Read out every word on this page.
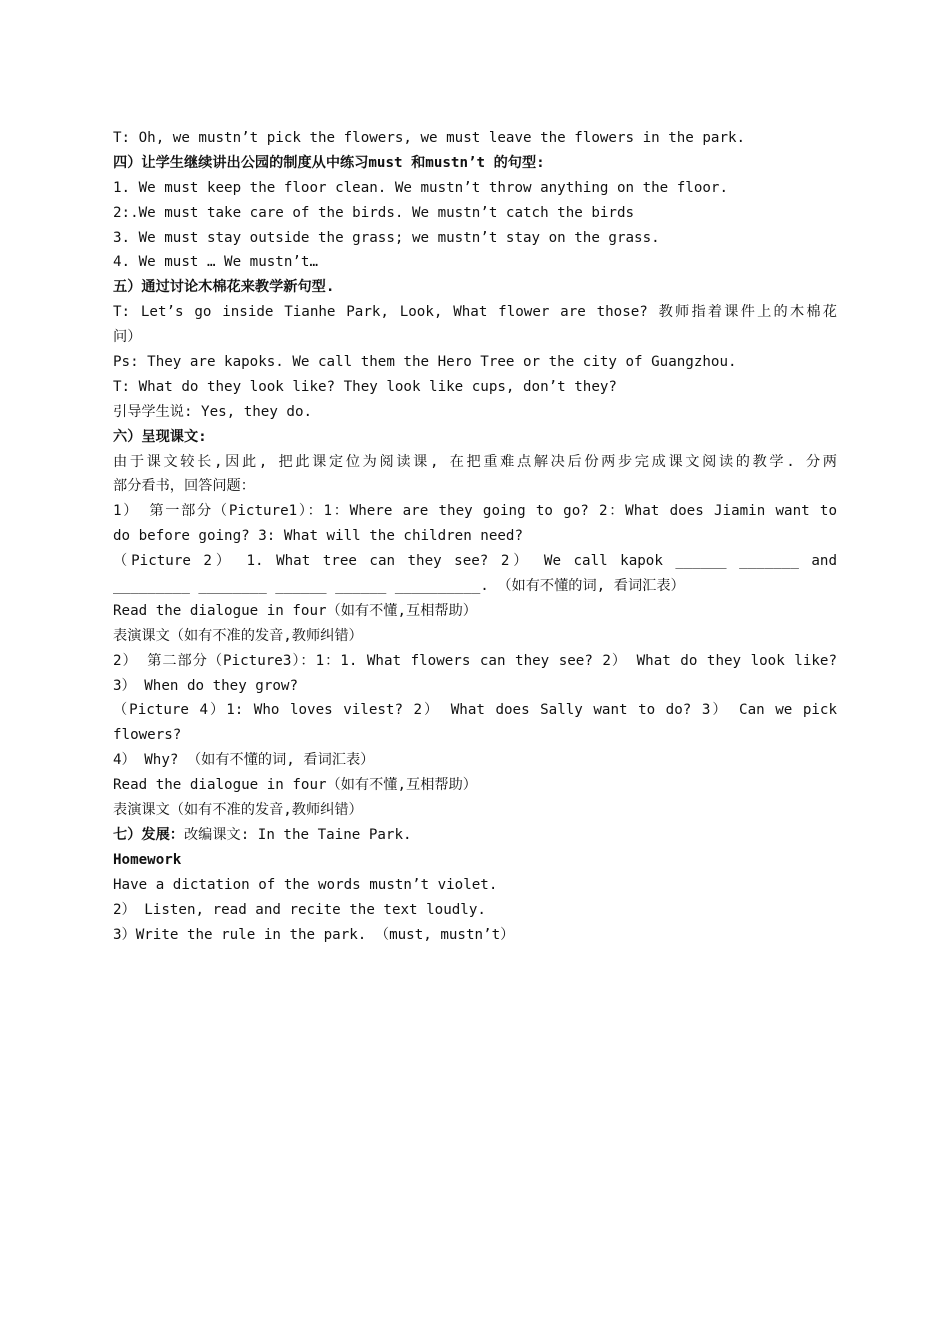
T: Oh, we mustn’t pick the flowers, we must leave the flowers in the park.
四）让学生继续讲出公园的制度从中练习must 和mustn’t 的句型:
1. We must keep the floor clean. We mustn’t throw anything on the floor.
2:.We must take care of the birds. We mustn’t catch the birds
3. We must stay outside the grass; we mustn’t stay on the grass.
4. We must … We mustn’t…
五）通过讨论木棉花来教学新句型.
T: Let’s go inside Tianhe Park, Look, What flower are those? 教师指着课件上的木棉花
问）
Ps: They are kapoks. We call them the Hero Tree or the city of Guangzhou.
T: What do they look like? They look like cups, don’t they?
引导学生说: Yes, they do.
六）呈现课文:
由于课文较长,因此, 把此课定位为阅读课, 在把重难点解决后份两步完成课文阅读的教学. 分两
部分看书，回答问题：
1） 第一部分（Picture1）：1：Where are they going to go? 2：What does Jiamin want to
do before going? 3: What will the children need?
（Picture 2） 1. What tree can they see? 2） We call kapok ______ _______ and
_________ ________ ______ ______ __________. （如有不懂的词, 看词汇表）
Read the dialogue in four（如有不懂,互相帮助）
表演课文（如有不准的发音,教师纠错）
2） 第二部分（Picture3）：1：1. What flowers can they see? 2） What do they look like?
3） When do they grow?
（Picture 4）1: Who loves vilest? 2） What does Sally want to do? 3） Can we pick
flowers?
4） Why? （如有不懂的词, 看词汇表）
Read the dialogue in four（如有不懂,互相帮助）
表演课文（如有不准的发音,教师纠错）
七）发展：改编课文: In the Taine Park.
Homework
Have a dictation of the words mustn’t violet.
2） Listen, read and recite the text loudly.
3）Write the rule in the park. （must, mustn’t）
